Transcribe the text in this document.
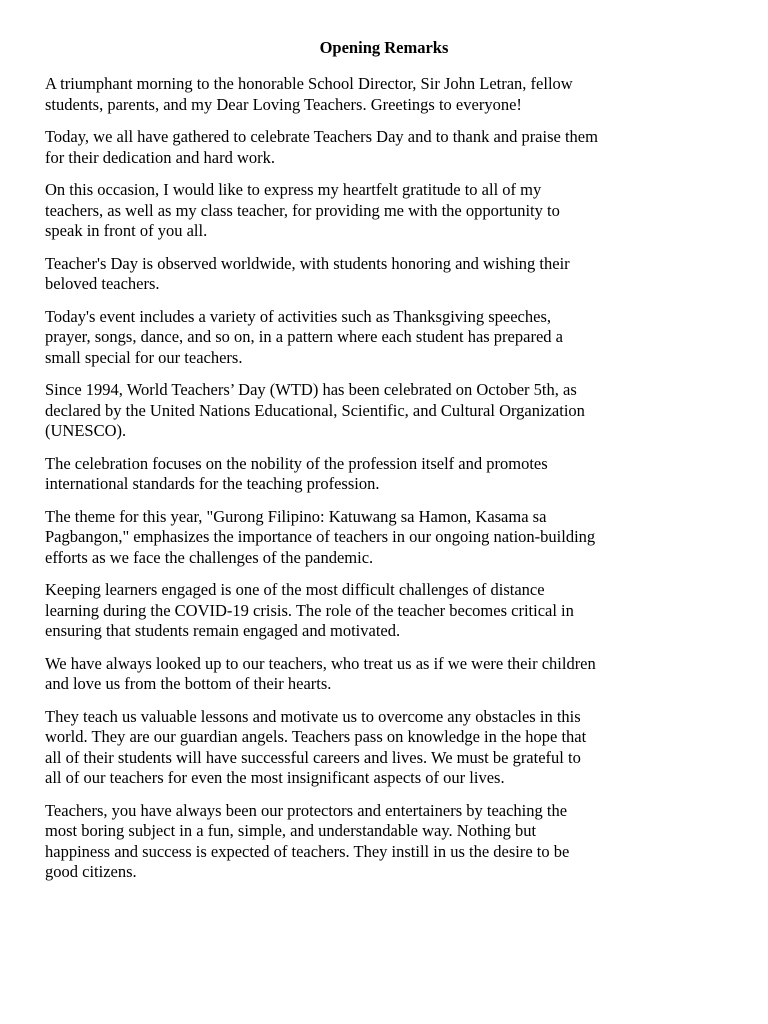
Opening Remarks

A triumphant morning to the honorable School Director, Sir John Letran, fellow
students, parents, and my Dear Loving Teachers. Greetings to everyone!

Today, we all have gathered to celebrate Teachers Day and to thank and praise them
for their dedication and hard work.

On this occasion, I would like to express my heartfelt gratitude to all of my
teachers, as well as my class teacher, for providing me with the opportunity to
speak in front of you all.

Teacher's Day is observed worldwide, with students honoring and wishing their
beloved teachers.

Today's event includes a variety of activities such as Thanksgiving speeches,
prayer, songs, dance, and so on, in a pattern where each student has prepared a
small special for our teachers.

Since 1994, World Teachers’ Day (WTD) has been celebrated on October 5th, as
declared by the United Nations Educational, Scientific, and Cultural Organization
(UNESCO).

The celebration focuses on the nobility of the profession itself and promotes
international standards for the teaching profession.

The theme for this year, "Gurong Filipino: Katuwang sa Hamon, Kasama sa
Pagbangon," emphasizes the importance of teachers in our ongoing nation-building
efforts as we face the challenges of the pandemic.

Keeping learners engaged is one of the most difficult challenges of distance
learning during the COVID-19 crisis. The role of the teacher becomes critical in
ensuring that students remain engaged and motivated.

We have always looked up to our teachers, who treat us as if we were their children
and love us from the bottom of their hearts.

They teach us valuable lessons and motivate us to overcome any obstacles in this
world. They are our guardian angels. Teachers pass on knowledge in the hope that
all of their students will have successful careers and lives. We must be grateful to
all of our teachers for even the most insignificant aspects of our lives.

Teachers, you have always been our protectors and entertainers by teaching the
most boring subject in a fun, simple, and understandable way. Nothing but
happiness and success is expected of teachers. They instill in us the desire to be
good citizens.
